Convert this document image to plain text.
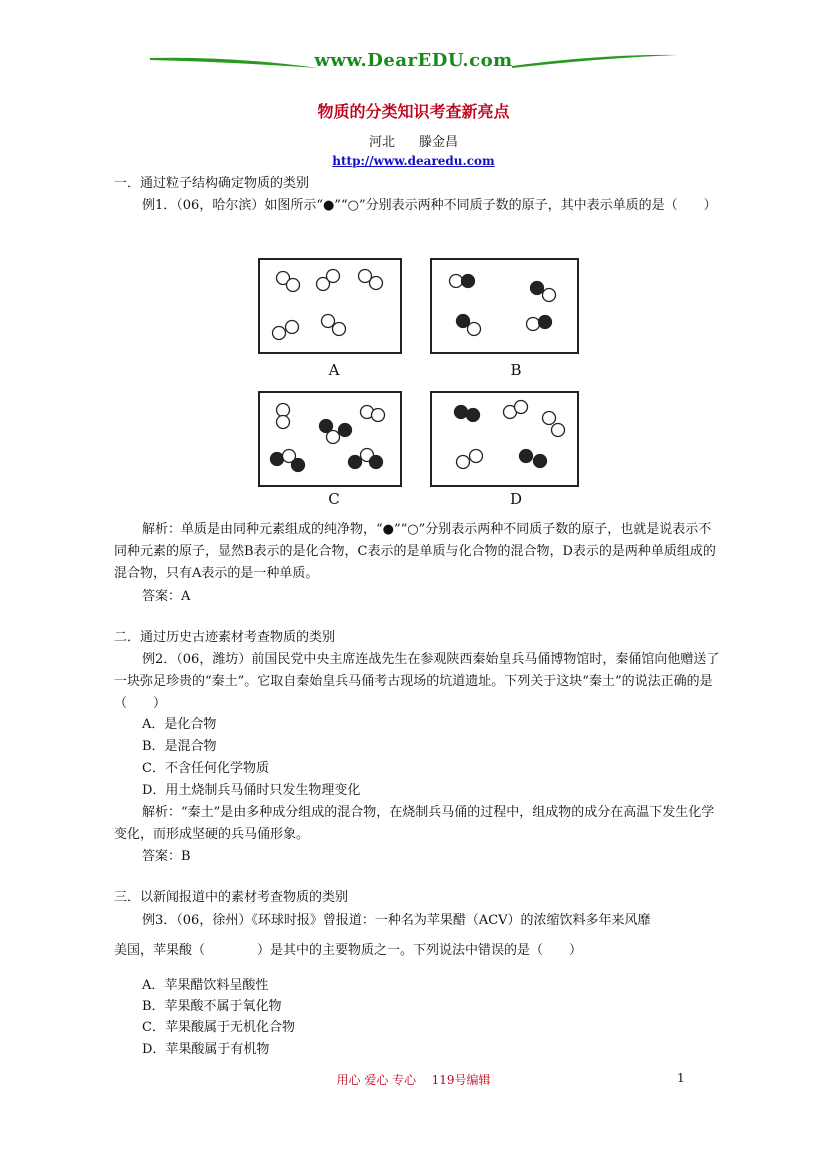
www.DearEDU.com
物质的分类知识考查新亮点
河北 滕金昌
http://www.dearedu.com
一．通过粒子结构确定物质的类别
例1．（06，哈尔滨）如图所示“●”“○”分别表示两种不同质子数的原子，其中表示单质的是（　　）
A	B
C	D
解析：单质是由同种元素组成的纯净物，“●”“○”分别表示两种不同质子数的原子，也就是说表示不同种元素的原子，显然B表示的是化合物，C表示的是单质与化合物的混合物，D表示的是两种单质组成的混合物，只有A表示的是一种单质。
答案：A
二．通过历史古迹素材考查物质的类别
例2．（06，潍坊）前国民党中央主席连战先生在参观陕西秦始皇兵马俑博物馆时，秦俑馆向他赠送了一块弥足珍贵的“秦土”。它取自秦始皇兵马俑考古现场的坑道遗址。下列关于这块“秦土”的说法正确的是（　　）
A．是化合物
B．是混合物
C．不含任何化学物质
D．用土烧制兵马俑时只发生物理变化
解析：“秦土”是由多种成分组成的混合物，在烧制兵马俑的过程中，组成物的成分在高温下发生化学变化，而形成坚硬的兵马俑形象。
答案：B
三．以新闻报道中的素材考查物质的类别
例3．（06，徐州）《环球时报》曾报道：一种名为苹果醋（ACV）的浓缩饮料多年来风靡
美国，苹果酸（　　　　）是其中的主要物质之一。下列说法中错误的是（　　）
A．苹果醋饮料呈酸性
B．苹果酸不属于氧化物
C．苹果酸属于无机化合物
D．苹果酸属于有机物
用心 爱心 专心 119号编辑	1
